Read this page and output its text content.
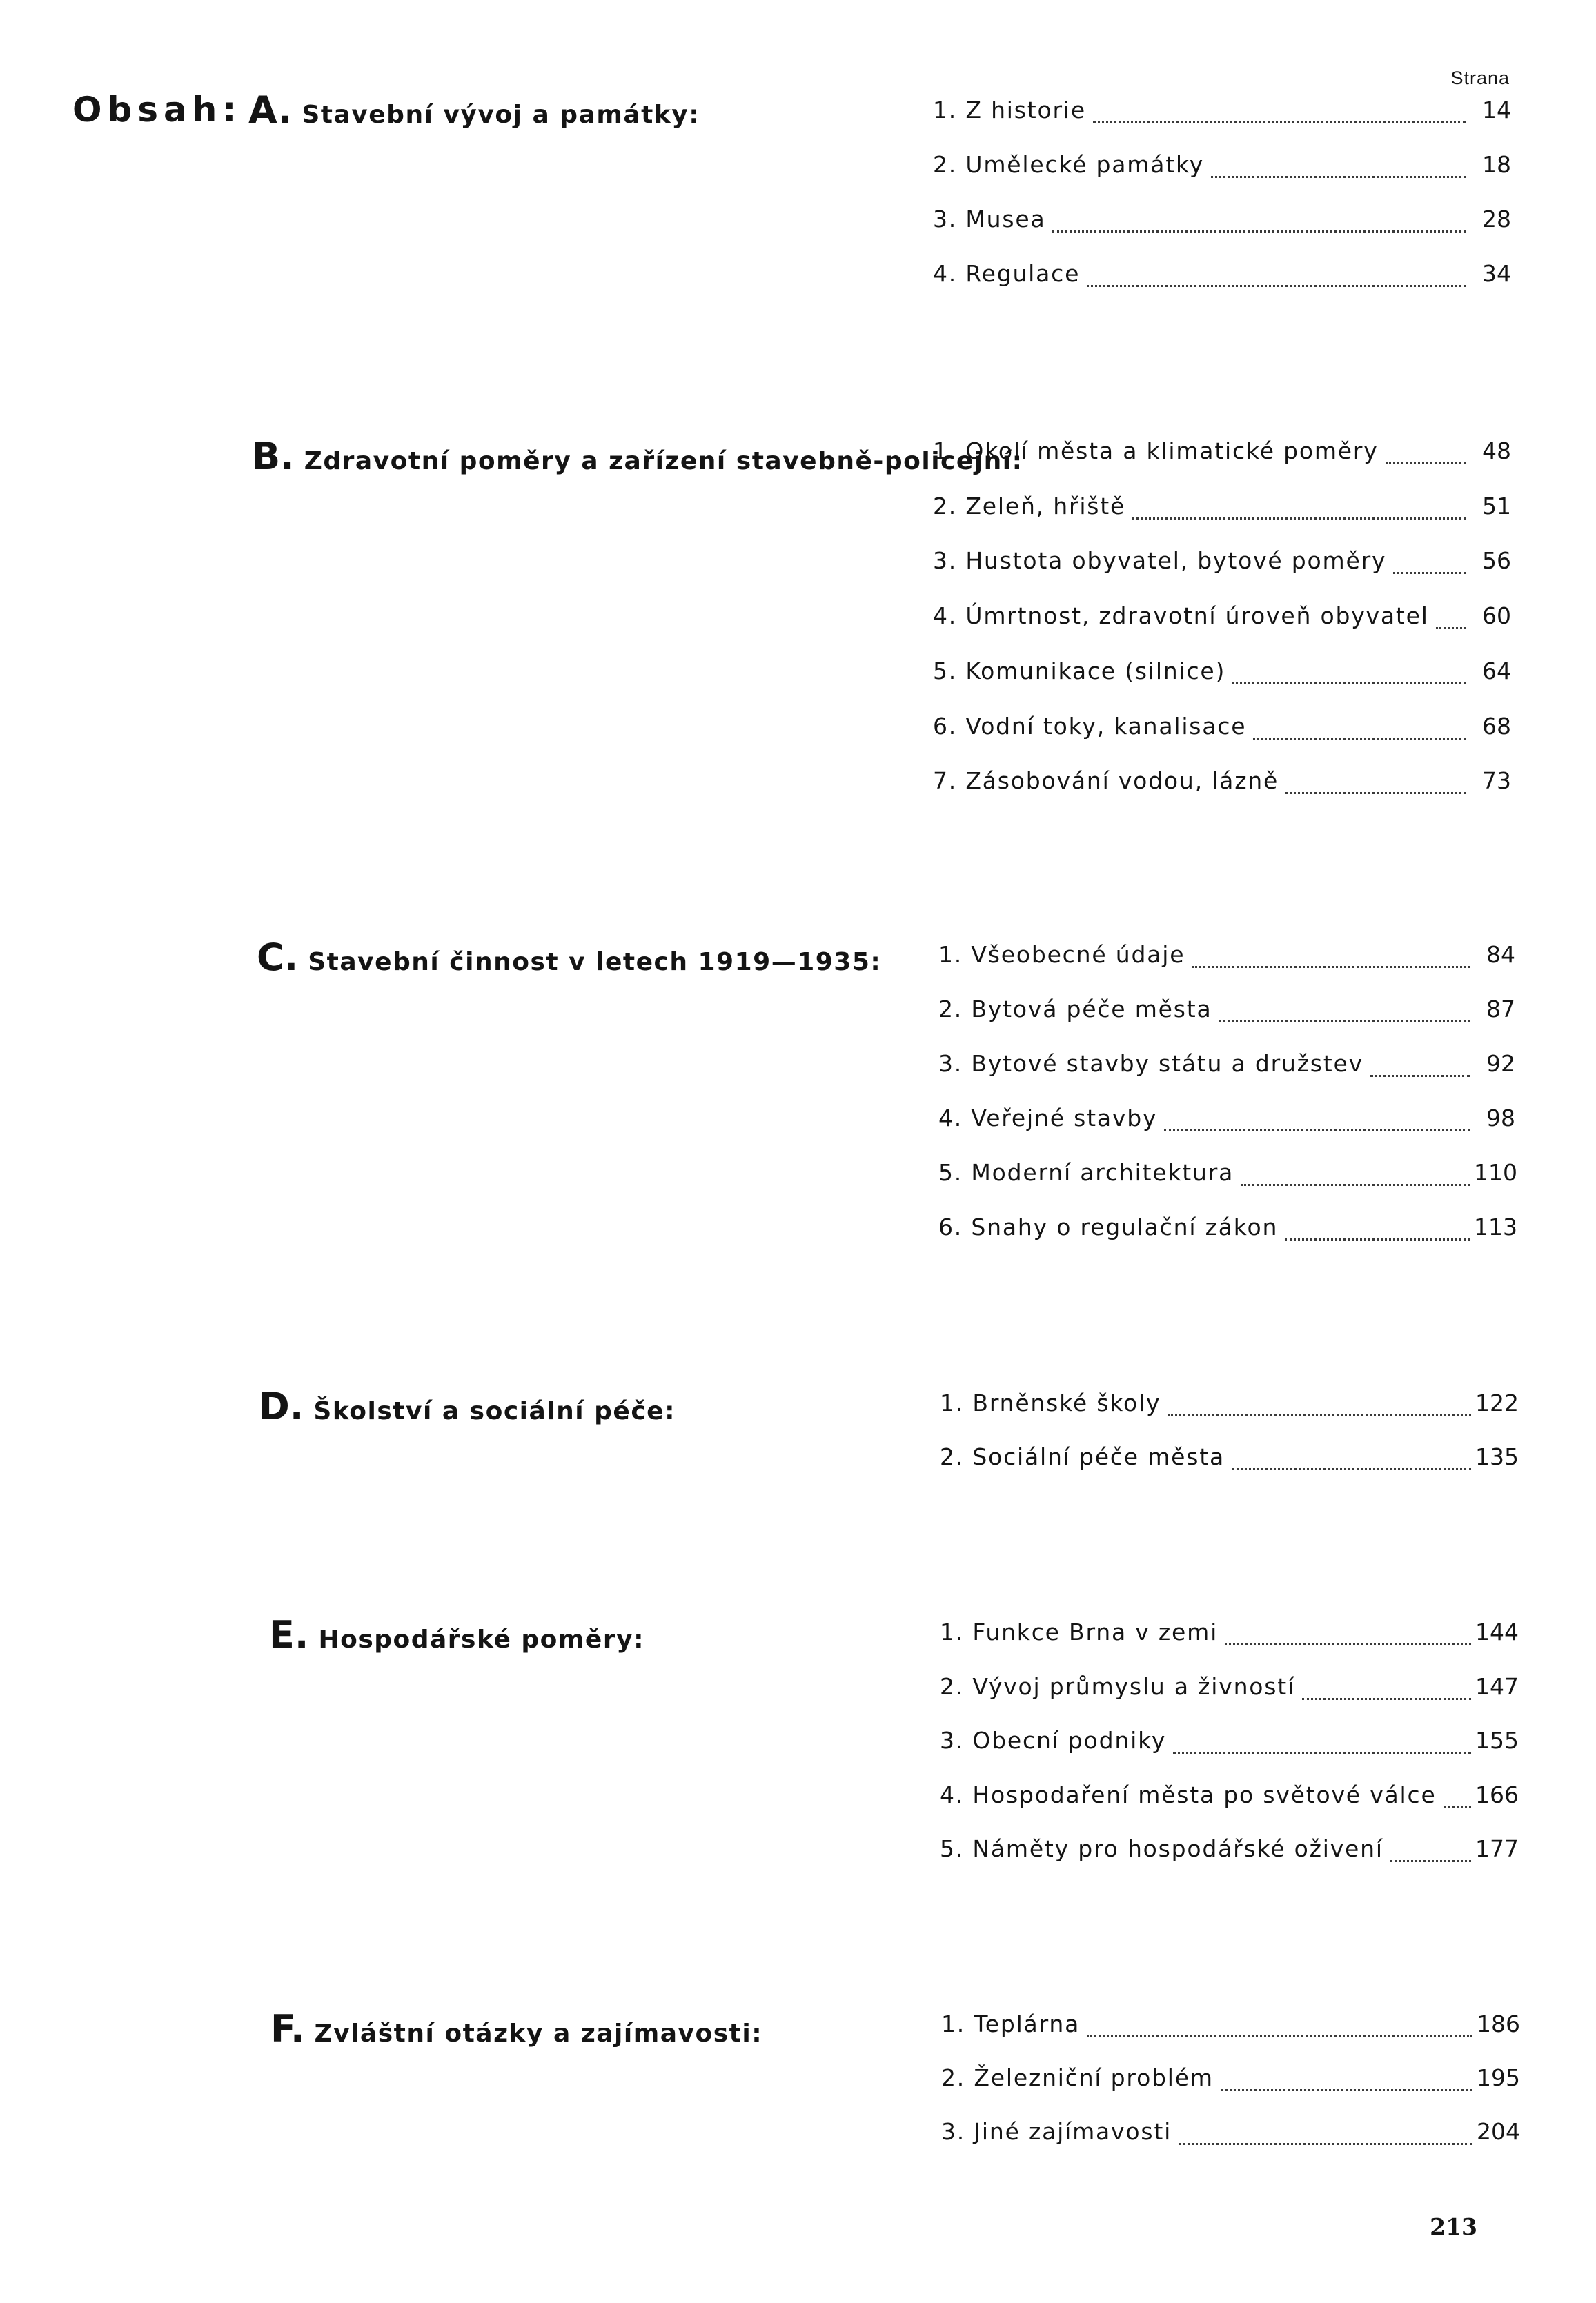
Strana
Obsah: A. Stavební vývoj a památky:	1. Z historie	14
2. Umělecké památky	18
3. Musea	28
4. Regulace	34
B. Zdravotní poměry a zařízení stavebně-policejní:
1. Okolí města a klimatické poměry	48
2. Zeleň, hřiště	51
3. Hustota obyvatel, bytové poměry	56
4. Úmrtnost, zdravotní úroveň obyvatel	60
5. Komunikace (silnice)	64
6. Vodní toky, kanalisace	68
7. Zásobování vodou, lázně	73
C. Stavební činnost v letech 1919—1935:	1. Všeobecné údaje	84
2. Bytová péče města	87
3. Bytové stavby státu a družstev	92
4. Veřejné stavby	98
5. Moderní architektura	110
6. Snahy o regulační zákon	113
D. Školství a sociální péče:	1. Brněnské školy	122
2. Sociální péče města	135
E. Hospodářské poměry:	1. Funkce Brna v zemi	144
2. Vývoj průmyslu a živností	147
3. Obecní podniky	155
4. Hospodaření města po světové válce 166
5. Náměty pro hospodářské oživení	177
F. Zvláštní otázky a zajímavosti:	1. Teplárna	186
2. Železniční problém	195
3. Jiné zajímavosti	204
213
